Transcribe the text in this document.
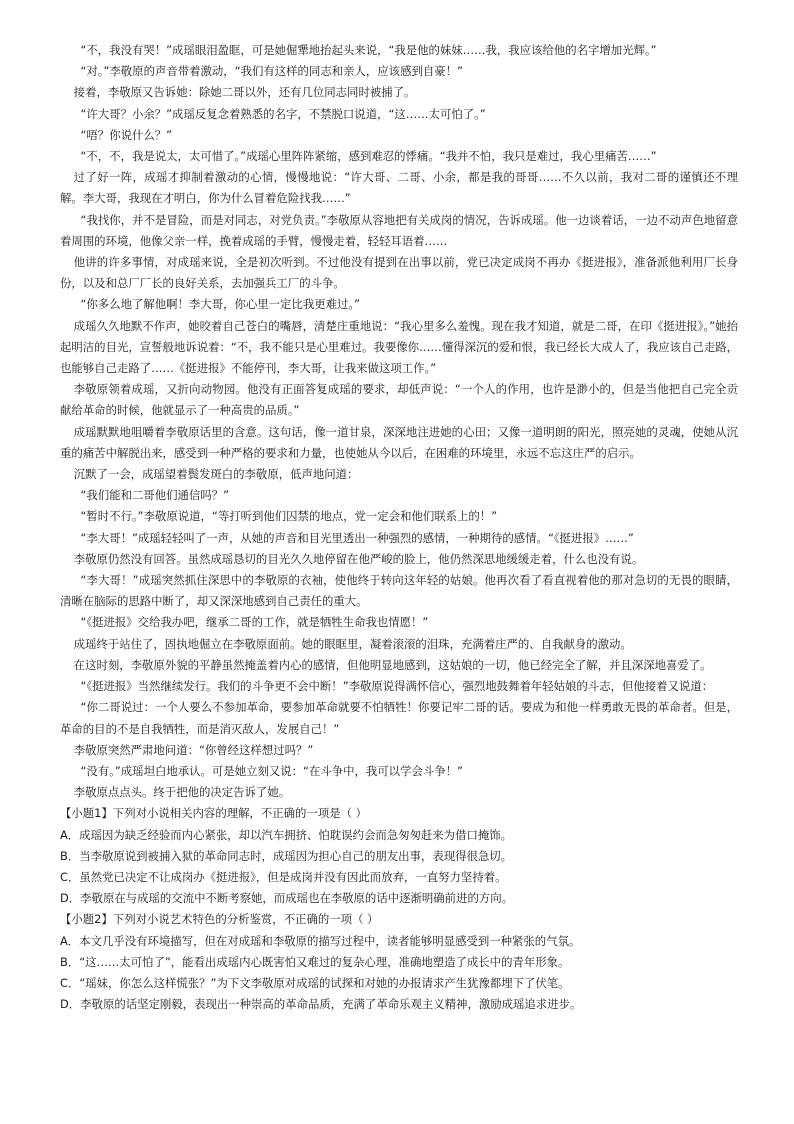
“不，我没有哭！”成瑶眼泪盈眶，可是她倔犟地抬起头来说，“我是他的妹妹……我，我应该给他的名字增加光辉。”

“对。”李敬原的声音带着激动，“我们有这样的同志和亲人，应该感到自豪！”

接着，李敬原又告诉她：除她二哥以外，还有几位同志同时被捕了。

“许大哥？小余？”成瑶反复念着熟悉的名字，不禁脱口说道，“这……太可怕了。”

“唔？你说什么？”

“不，不，我是说太，太可惜了。”成瑶心里阵阵紧缩，感到难忍的悸痛。“我并不怕，我只是难过，我心里痛苦……”

过了好一阵，成瑶才抑制着激动的心情，慢慢地说：“许大哥、二哥、小余，都是我的哥哥……不久以前，我对二哥的谨慎还不理解。李大哥，我现在才明白，你为什么冒着危险找我……”

“我找你，并不是冒险，而是对同志，对党负责。”李敬原从容地把有关成岗的情况，告诉成瑶。他一边谈着话，一边不动声色地留意着周围的环境，他像父亲一样，挽着成瑶的手臂，慢慢走着，轻轻耳语着……

他讲的许多事情，对成瑶来说，全是初次听到。不过他没有提到在出事以前，党已决定成岗不再办《挺进报》，准备派他利用厂长身份，以及和总厂厂长的良好关系，去加强兵工厂的斗争。

“你多么地了解他啊！李大哥，你心里一定比我更难过。”

成瑶久久地默不作声，她咬着自己苍白的嘴唇，清楚庄重地说：“我心里多么羞愧。现在我才知道，就是二哥，在印《挺进报》。”她抬起明洁的目光，宣誓般地诉说着：“不，我不能只是心里难过。我要像你……懂得深沉的爱和恨，我已经长大成人了，我应该自己走路，也能够自己走路了……《挺进报》不能停刊，李大哥，让我来做这项工作。”

李敬原领着成瑶，又折向动物园。他没有正面答复成瑶的要求，却低声说：“一个人的作用，也许是渺小的，但是当他把自己完全贡献给革命的时候，他就显示了一种高贵的品质。”

成瑶默默地咀嚼着李敬原话里的含意。这句话，像一道甘泉，深深地注进她的心田；又像一道明朗的阳光，照亮她的灵魂，使她从沉重的痛苦中解脱出来，感受到一种严格的要求和力量，也使她从今以后，在困难的环境里，永远不忘这庄严的启示。

沉默了一会，成瑶望着鬓发斑白的李敬原，低声地问道：

“我们能和二哥他们通信吗？”

“暂时不行。”李敬原说道，“等打听到他们囚禁的地点，党一定会和他们联系上的！”

“李大哥！”成瑶轻轻叫了一声，从她的声音和目光里透出一种强烈的感情，一种期待的感情。“《挺进报》……”

李敬原仍然没有回答。虽然成瑶恳切的目光久久地停留在他严峻的脸上，他仍然深思地缓缓走着，什么也没有说。

“李大哥！”成瑶突然抓住深思中的李敬原的衣袖，使他终于转向这年轻的姑娘。他再次看了看直视着他的那对急切的无畏的眼睛，清晰在脑际的思路中断了，却又深深地感到自己责任的重大。

“《挺进报》交给我办吧，继承二哥的工作，就是牺牲生命我也情愿！”

成瑶终于站住了，固执地倔立在李敬原面前。她的眼眶里，凝着滚滚的泪珠，充满着庄严的、自我献身的激动。

在这时刻，李敬原外貌的平静虽然掩盖着内心的感情，但他明显地感到，这姑娘的一切，他已经完全了解，并且深深地喜爱了。

“《挺进报》当然继续发行。我们的斗争更不会中断！”李敬原说得满怀信心，强烈地鼓舞着年轻姑娘的斗志，但他接着又说道：

“你二哥说过：一个人要么不参加革命，要参加革命就要不怕牺牲！你要记牢二哥的话。要成为和他一样勇敢无畏的革命者。但是，革命的目的不是自我牺牲，而是消灭敌人，发展自己！”

李敬原突然严肃地问道：“你曾经这样想过吗？”

“没有。”成瑶坦白地承认。可是她立刻又说：“在斗争中，我可以学会斗争！”

李敬原点点头。终于把他的决定告诉了她。

【小题1】下列对小说相关内容的理解，不正确的一项是（ ）

A．成瑶因为缺乏经验而内心紧张，却以汽车拥挤、怕耽误约会而急匆匆赶来为借口掩饰。

B．当李敬原说到被捕入狱的革命同志时，成瑶因为担心自己的朋友出事，表现得很急切。

C．虽然党已决定不让成岗办《挺进报》，但是成岗并没有因此而放弃，一直努力坚持着。

D．李敬原在与成瑶的交流中不断考察她，而成瑶也在李敬原的话中逐渐明确前进的方向。

【小题2】下列对小说艺术特色的分析鉴赏，不正确的一项（ ）

A．本文几乎没有环境描写，但在对成瑶和李敬原的描写过程中，读者能够明显感受到一种紧张的气氛。

B．“这……太可怕了”，能看出成瑶内心既害怕又难过的复杂心理，准确地塑造了成长中的青年形象。

C．“瑶妹，你怎么这样慌张？”为下文李敬原对成瑶的试探和对她的办报请求产生犹豫都埋下了伏笔。

D．李敬原的话坚定刚毅，表现出一种崇高的革命品质，充满了革命乐观主义精神，激励成瑶追求进步。
